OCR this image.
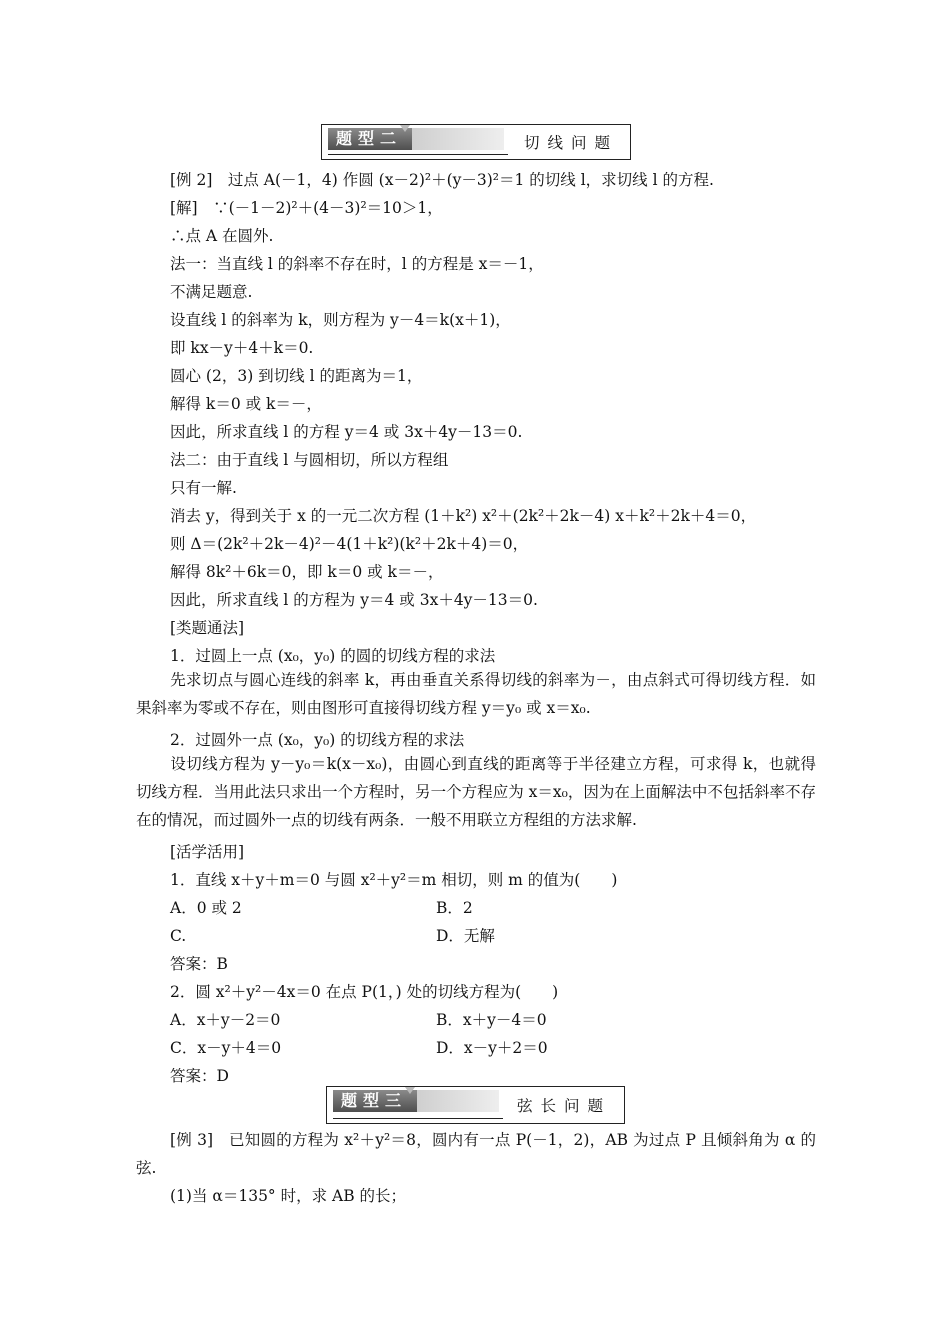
题型二	切线问题
[例 2]　过点 A(－1，4) 作圆 (x－2)²＋(y－3)²＝1 的切线 l，求切线 l 的方程.
[解]　∵(－1－2)²＋(4－3)²＝10＞1，
∴点 A 在圆外.
法一：当直线 l 的斜率不存在时，l 的方程是 x＝－1，
不满足题意.
设直线 l 的斜率为 k，则方程为 y－4＝k(x＋1)，
即 kx－y＋4＋k＝0.
圆心 (2，3) 到切线 l 的距离为＝1，
解得 k＝0 或 k＝－，
因此，所求直线 l 的方程 y＝4 或 3x＋4y－13＝0.
法二：由于直线 l 与圆相切，所以方程组
只有一解.
消去 y，得到关于 x 的一元二次方程 (1＋k²) x²＋(2k²＋2k－4) x＋k²＋2k＋4＝0，
则 Δ＝(2k²＋2k－4)²－4(1＋k²)(k²＋2k＋4)＝0，
解得 8k²＋6k＝0，即 k＝0 或 k＝－，
因此，所求直线 l 的方程为 y＝4 或 3x＋4y－13＝0.
[类题通法]
1．过圆上一点 (x₀，y₀) 的圆的切线方程的求法
先求切点与圆心连线的斜率 k，再由垂直关系得切线的斜率为－，由点斜式可得切线方程．如果斜率为零或不存在，则由图形可直接得切线方程 y＝y₀ 或 x＝x₀.
2．过圆外一点 (x₀，y₀) 的切线方程的求法
设切线方程为 y－y₀＝k(x－x₀)，由圆心到直线的距离等于半径建立方程，可求得 k，也就得切线方程．当用此法只求出一个方程时，另一个方程应为 x＝x₀，因为在上面解法中不包括斜率不存在的情况，而过圆外一点的切线有两条．一般不用联立方程组的方法求解.
[活学活用]
1．直线 x＋y＋m＝0 与圆 x²＋y²＝m 相切，则 m 的值为(　　)
A．0 或 2	B．2
C.	D．无解
答案：B
2．圆 x²＋y²－4x＝0 在点 P(1，) 处的切线方程为(　　)
A．x＋y－2＝0	B．x＋y－4＝0
C．x－y＋4＝0	D．x－y＋2＝0
答案：D
题型三	弦长问题
[例 3]　已知圆的方程为 x²＋y²＝8，圆内有一点 P(－1，2)，AB 为过点 P 且倾斜角为 α 的弦.
(1)当 α＝135° 时，求 AB 的长；
